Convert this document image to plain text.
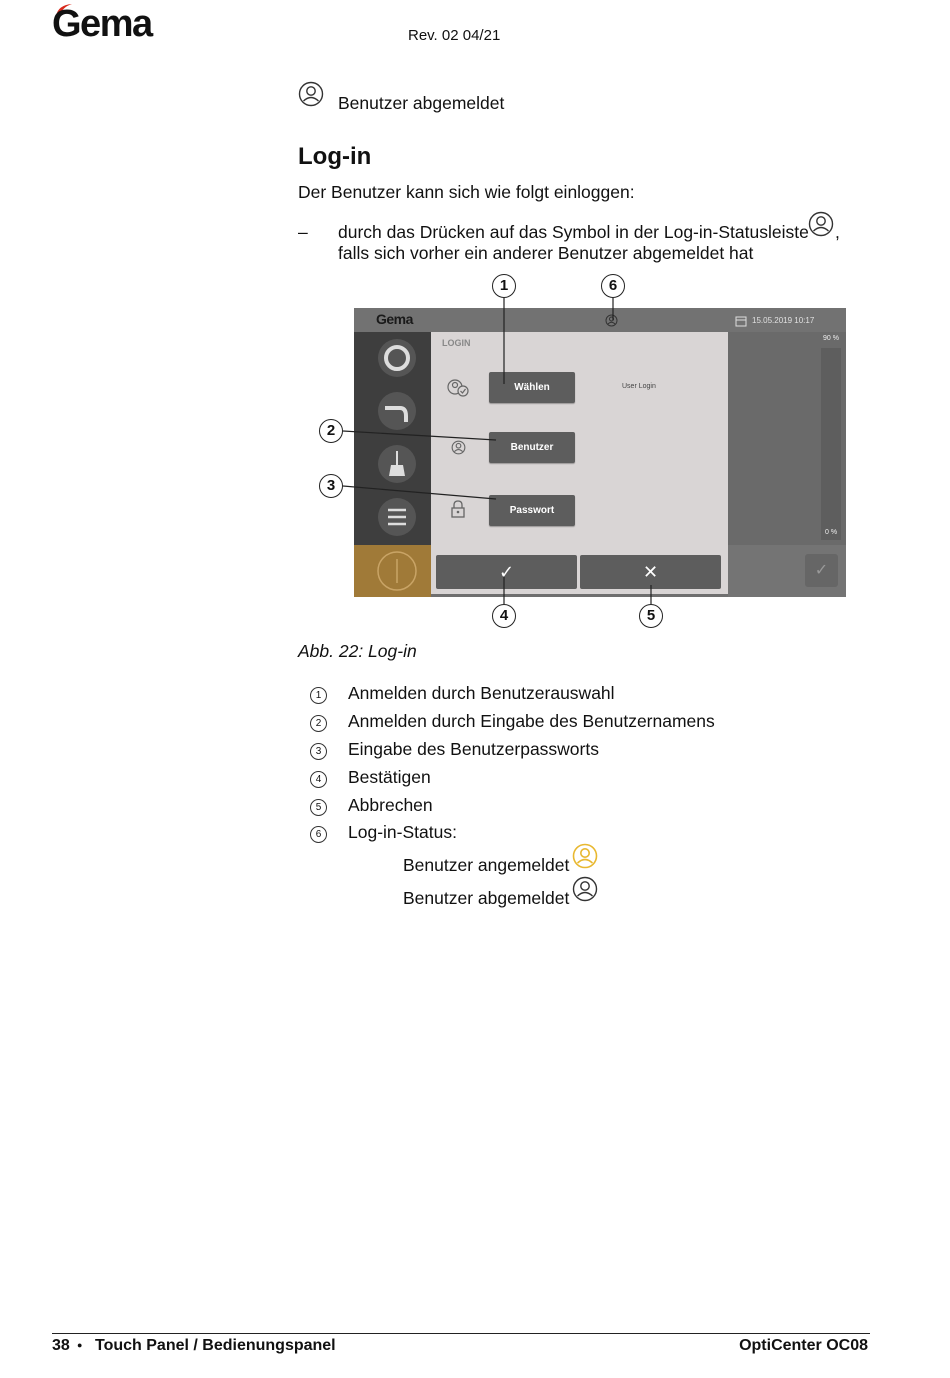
Gema	Rev. 02 04/21
Benutzer abgemeldet
Log-in
Der Benutzer kann sich wie folgt einloggen:
– durch das Drücken auf das Symbol in der Log-in-Statusleiste ,
falls sich vorher ein anderer Benutzer abgemeldet hat
Gema	15.05.2019 10:17
90 %
0 %
✓
LOGIN
Wählen	User Login
Benutzer
Passwort
✓	✕
1	6
2
3
4	5
Abb. 22: Log-in
1	Anmelden durch Benutzerauswahl
2	Anmelden durch Eingabe des Benutzernamens
3	Eingabe des Benutzerpassworts
4	Bestätigen
5	Abbrechen
6	Log-in-Status:
Benutzer angemeldet
Benutzer abgemeldet
38 ● Touch Panel / Bedienungspanel	OptiCenter OC08
